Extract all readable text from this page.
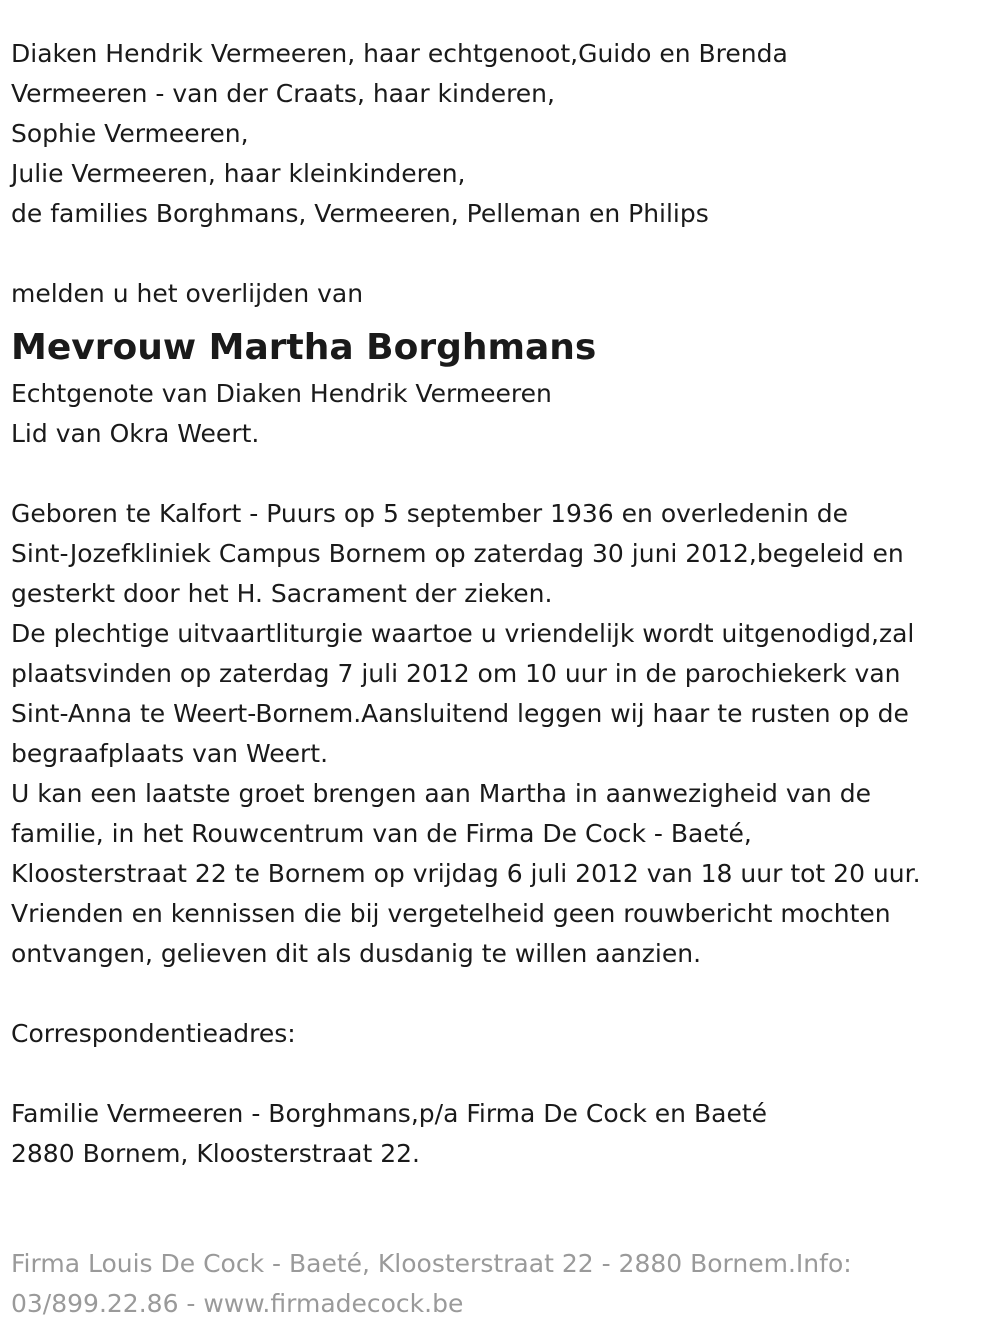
Diaken Hendrik Vermeeren, haar echtgenoot,Guido en Brenda
Vermeeren - van der Craats, haar kinderen,
Sophie Vermeeren,
Julie Vermeeren, haar kleinkinderen,
de families Borghmans, Vermeeren, Pelleman en Philips
melden u het overlijden van
Mevrouw Martha Borghmans
Echtgenote van Diaken Hendrik Vermeeren
Lid van Okra Weert.
Geboren te Kalfort - Puurs op 5 september 1936 en overledenin de
Sint-Jozefkliniek Campus Bornem op zaterdag 30 juni 2012,begeleid en
gesterkt door het H. Sacrament der zieken.
De plechtige uitvaartliturgie waartoe u vriendelijk wordt uitgenodigd,zal
plaatsvinden op zaterdag 7 juli 2012 om 10 uur in de parochiekerk van
Sint-Anna te Weert-Bornem.Aansluitend leggen wij haar te rusten op de
begraafplaats van Weert.
U kan een laatste groet brengen aan Martha in aanwezigheid van de
familie, in het Rouwcentrum van de Firma De Cock - Baeté,
Kloosterstraat 22 te Bornem op vrijdag 6 juli 2012 van 18 uur tot 20 uur.
Vrienden en kennissen die bij vergetelheid geen rouwbericht mochten
ontvangen, gelieven dit als dusdanig te willen aanzien.
Correspondentieadres:
Familie Vermeeren - Borghmans,p/a Firma De Cock en Baeté
2880 Bornem, Kloosterstraat 22.
Firma Louis De Cock - Baeté, Kloosterstraat 22 - 2880 Bornem.Info:
03/899.22.86 - www.firmadecock.be
